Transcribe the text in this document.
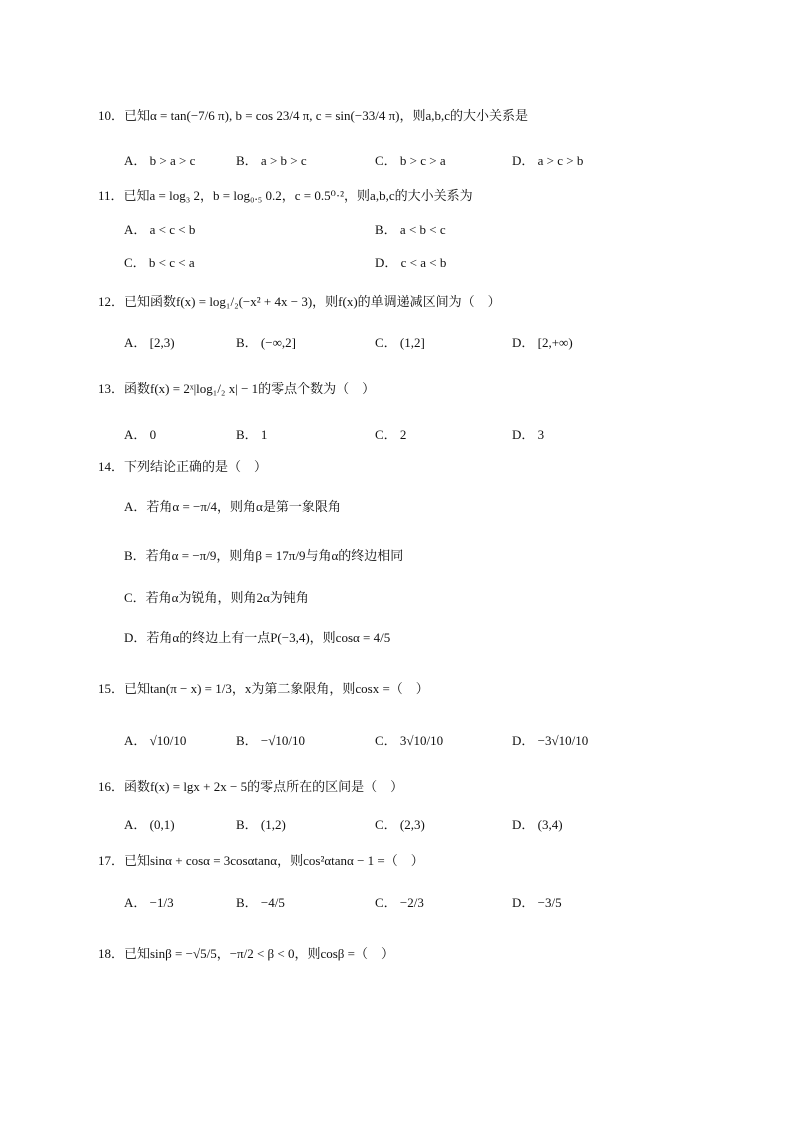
10．已知α = tan(−7/6 π), b = cos 23/4 π, c = sin(−33/4 π)，则a,b,c的大小关系是
A． b > a > c	B． a > b > c	C． b > c > a	D． a > c > b
11．已知a = log₃ 2，b = log₀.₅ 0.2，c = 0.5⁰·²，则a,b,c的大小关系为
A． a < c < b	B． a < b < c
C． b < c < a	D． c < a < b
12．已知函数f(x) = log₁/₂(−x² + 4x − 3)，则f(x)的单调递减区间为（　）
A． [2,3)	B． (−∞,2]	C． (1,2]	D． [2,+∞)
13．函数f(x) = 2ˣ|log₁/₂ x| − 1的零点个数为（　）
A． 0	B． 1	C． 2	D． 3
14．下列结论正确的是（　）
A．若角α = −π/4，则角α是第一象限角
B．若角α = −π/9，则角β = 17π/9与角α的终边相同
C．若角α为锐角，则角2α为钝角
D．若角α的终边上有一点P(−3,4)，则cosα = 4/5
15．已知tan(π − x) = 1/3，x为第二象限角，则cosx =（　）
A． √10/10	B． −√10/10	C． 3√10/10	D． −3√10/10
16．函数f(x) = lgx + 2x − 5的零点所在的区间是（　）
A． (0,1)	B． (1,2)	C． (2,3)	D． (3,4)
17．已知sinα + cosα = 3cosαtanα，则cos²αtanα − 1 =（　）
A． −1/3	B． −4/5	C． −2/3	D． −3/5
18．已知sinβ = −√5/5，−π/2 < β < 0，则cosβ =（　）
